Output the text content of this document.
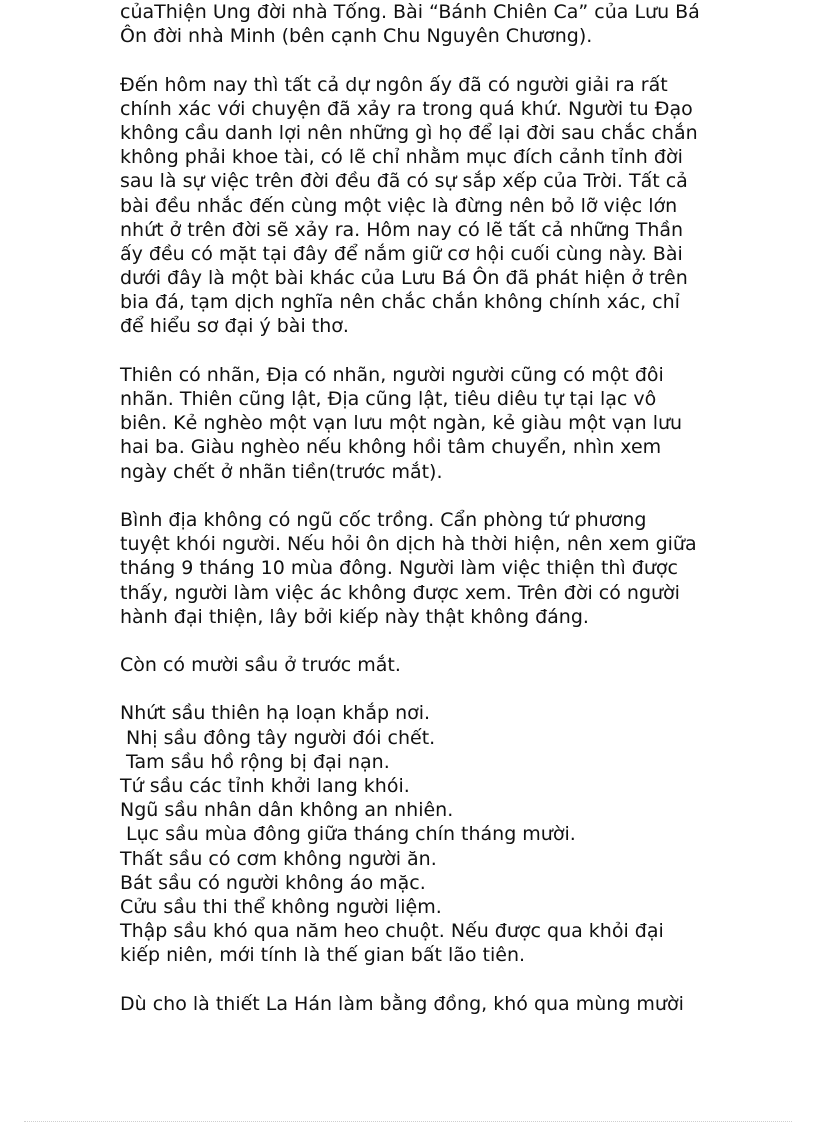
củaThiện Ung đời nhà Tống. Bài “Bánh Chiên Ca” của Lưu Bá
Ôn đời nhà Minh (bên cạnh Chu Nguyên Chương).
Đến hôm nay thì tất cả dự ngôn ấy đã có người giải ra rất
chính xác với chuyện đã xảy ra trong quá khứ. Người tu Đạo
không cầu danh lợi nên những gì họ để lại đời sau chắc chắn
không phải khoe tài, có lẽ chỉ nhằm mục đích cảnh tỉnh đời
sau là sự việc trên đời đều đã có sự sắp xếp của Trời. Tất cả
bài đều nhắc đến cùng một việc là đừng nên bỏ lỡ việc lớn
nhứt ở trên đời sẽ xảy ra. Hôm nay có lẽ tất cả những Thần
ấy đều có mặt tại đây để nắm giữ cơ hội cuối cùng này. Bài
dưới đây là một bài khác của Lưu Bá Ôn đã phát hiện ở trên
bia đá, tạm dịch nghĩa nên chắc chắn không chính xác, chỉ
để hiểu sơ đại ý bài thơ.
Thiên có nhãn, Địa có nhãn, người người cũng có một đôi
nhãn. Thiên cũng lật, Địa cũng lật, tiêu diêu tự tại lạc vô
biên. Kẻ nghèo một vạn lưu một ngàn, kẻ giàu một vạn lưu
hai ba. Giàu nghèo nếu không hồi tâm chuyển, nhìn xem
ngày chết ở nhãn tiền(trước mắt).
Bình địa không có ngũ cốc trồng. Cẩn phòng tứ phương
tuyệt khói người. Nếu hỏi ôn dịch hà thời hiện, nên xem giữa
tháng 9 tháng 10 mùa đông. Người làm việc thiện thì được
thấy, người làm việc ác không được xem. Trên đời có người
hành đại thiện, lây bởi kiếp này thật không đáng.
Còn có mười sầu ở trước mắt.
Nhứt sầu thiên hạ loạn khắp nơi.
Nhị sầu đông tây người đói chết.
Tam sầu hồ rộng bị đại nạn.
Tứ sầu các tỉnh khởi lang khói.
Ngũ sầu nhân dân không an nhiên.
Lục sầu mùa đông giữa tháng chín tháng mười.
Thất sầu có cơm không người ăn.
Bát sầu có người không áo mặc.
Cửu sầu thi thể không người liệm.
Thập sầu khó qua năm heo chuột. Nếu được qua khỏi đại
kiếp niên, mới tính là thế gian bất lão tiên.
Dù cho là thiết La Hán làm bằng đồng, khó qua mùng mười
